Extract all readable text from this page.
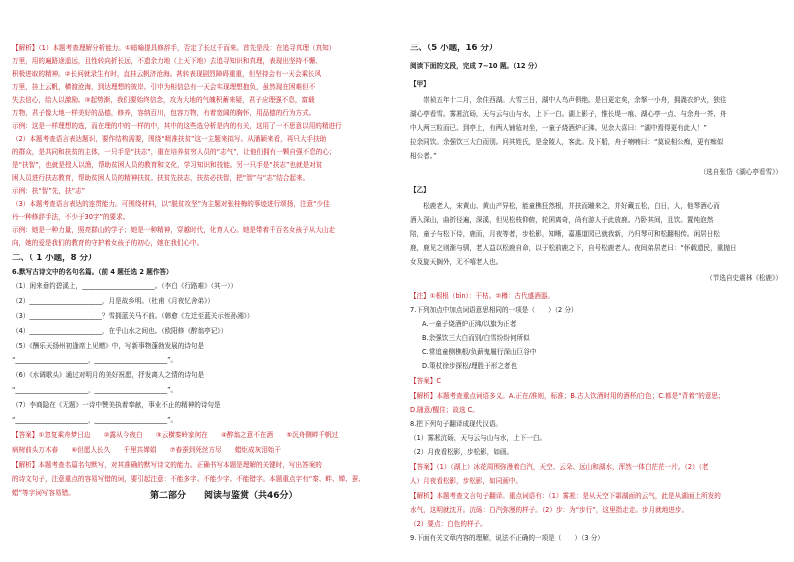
【解析】（1）本题考查理解分析能力。①暗喻提具修辞手，否定了长过千而来。首先是没：在追寻真理（真知）
万里，用的遍路途遥远，且性转向折长远，不遗余力地（上天下地）去追寻知识和真理，表现出坚持不懈、
积极进取的精神。②长问就录生有时，直挂云帆济沧海。甚转表现剧烈障碍重重，但坚持会有一天会乘长风
万里，挂上云帆，横渡沧海，到达理想的彼岸。引申为相信总有一天会实现理想抱负，虽然现在困难但不
失去信心，给人以激励。③起势渐，我们要始终信念，攻为大地的气魄积蓄来疑，君子应理强不息，富载
万物，君子像大地一样美好的品德，修养，容纳百川，包容万物，有着宽阔的胸怀，用品德的行为方式。
示例：这是一样理想的选，而在理的中的一样的中，其中的这些选分析是内的有关，这用了一不思意以用的精进行
（2）本题考查语言表达题识，要作结构需要，围绕“精准扶贫”这一主题来拟写。从潘颖来看，再只大手扶助
的群众，是共同和扶贫的主体，一只手是“扶志”，重在培养贫穷人员的“志气”，让他们拥有一颗自强不息的心；
是“扶智”，也就是授人以渔，帮助贫困人员的教育和文化，学习知识和技能。另一只手是“扶志”也就是对贫
困人员进行扶志教育，帮助贫困人员的精神扶贫。扶贫先扶志，扶贫必扶智，把“智”与“志”结合起来。
示例：扶“智”先，扶“志”
（3）本题考查语言表达的连贯能力。可围绕材料，以“脱贫攻坚”为主题对张桂梅的事迹进行颂扬，注意“少佳
丹一种修辞手法，不少于30字”的要求。
示例：她是一种力量，照亮群山的学子；她是一种精神，穿越时代，化育人心。她是带着千百名女孩子从大山走
向，她的爱是我们的教育的守护着女孩子的初心，她在我们心中。
二、（ 1 小题，8 分）
6.默写古诗文中的名句名篇。（前 4 题任选 2 题作答）
（1）闲来垂钓碧溪上，______________________。（李白《行路难》（其一））
（2）______________________，月是故乡明。（杜甫《月夜忆舍弟》）
（3）______________________？雪拥蓝关马不前。（韩愈《左迁至蓝关示侄孙湘》）
（4）______________________，在乎山水之间也。（欧阳修《醉翁亭记》）
（5）《酬乐天扬州初逢席上见赠》中，写新事物蓬勃发展的诗句是
“______________________，______________________”。
（6）《水调歌头》通过对明月的美好祝愿，抒发离人之情的诗句是
“______________________，______________________”。
（7）李商隐在《无题》一诗中赞美执着奉献，事业不止的精神的诗句是
“______________________，______________________”。
【答案】①忽复乘舟梦日边　　②露从今夜白　　③云横秦岭家何在　　④醉翁之意不在酒　　⑤沉舟侧畔千帆过
病树前头万木春　　⑥但愿人长久　　千里共婵娟　　⑦春蚕到死丝方尽　　蜡炬成灰泪始干
【解析】本题考查名篇名句默写，对其准确的默写诗文的能力。正确书写本题是理解的关键时，写出答案的
的诗文句子，注意重点的容易写错的词，要引起注意：不能多字、不能少字、不能错字。本题重点字有“秦、畔、婵、蚕、
蜡”等字词写容易错。	第二部分　　阅读与鉴赏（共46分）
三、（5 小题，16 分）
阅读下面的文段，完成 7~10 题。（12 分）
【甲】
　　崇祯五年十二月，余住西湖。大雪三日，湖中人鸟声俱绝。是日更定矣，余拏一小舟，拥毳衣炉火，独往
湖心亭看雪。雾凇沆砀，天与云与山与水，上下一白。湖上影子，惟长堤一痕、湖心亭一点、与余舟一芥、舟
中人两三粒而已。到亭上，有两人铺毡对坐，一童子烧酒炉正沸。见余大喜曰：“湖中焉得更有此人！”
拉余同饮。余强饮三大白而别。问其姓氏，是金陵人，客此。及下船，舟子喃喃曰：“莫说相公痴，更有痴似
相公者。”
（选自张岱《湖心亭看雪》）
【乙】
　　松鹿老人，宋黄山、黄山产异松，能童樵狂然根，并扶而蹦来之，并好藏五松，白日，人，他琴酒心而
酒入深山，曲折径遍，深溪，但见松枝仰俯，轮囷离奇，尚有游人于此放鹿。乃卧其间，且饮。置纯泡然
陪，童子与松下侍，鹿而，月夜等者，步松影，知晰，嘉惠道园已就我新，乃归琴可和松翻相传。闲居日松
鹿，鹿见之则渐与驯，老人益以松鹿自命，以于松前鹿之下，自号松鹿老人。夜间弟居老曰：“怀载遗民，重抛日
女及旋天搁外，无不嘻老人也。
（节选自史震林《松鹿》）
【注】①根根（bìn）：干枯。②樽：古代盛酒器。
7.下列加点中加点词语意思相同的一项是（　　）（2 分）
A.一童子烧酒炉正沸/以旗为正者
B.余强饮三大白而别/白雪纷纷何所似
C.常追童侧樵根/负薪鬼履行深山巨谷中
D.策杖徐步探松/理胜于形之者也
【答案】C
【解析】本题考查重点词语多义。A.正在/准则，标准；B.古人饮酒时用的酒杯/白色；C.都是“背着”的意思；
D.随意/醒住；故选 C。
8.把下列句子翻译成现代汉语。
（1）雾凇沆砀，天与云与山与水，上下一白。
（2）月夜看松影，步松影，如画。
【答案】（1）（湖上）冰花周围弥漫着白汽，天空、云朵、远山和湖水，浑然一体白茫茫一片。（2）（老
人）月夜看松影，步松影，如同画中。
【解析】本题考查文言句子翻译。重点词语有：（1）雾凇：是从天空下霜湖面的云气，此是从湖面上所发的
水气，这明就沈开。沆砀：白汽弥漫的样子。（2）步：为“步行”，这里指走走。步月就地进步。
（2）要点：白色的样子。
9.下面有关文章内容的理解，说法不正确的一项是（　　）（3 分）
